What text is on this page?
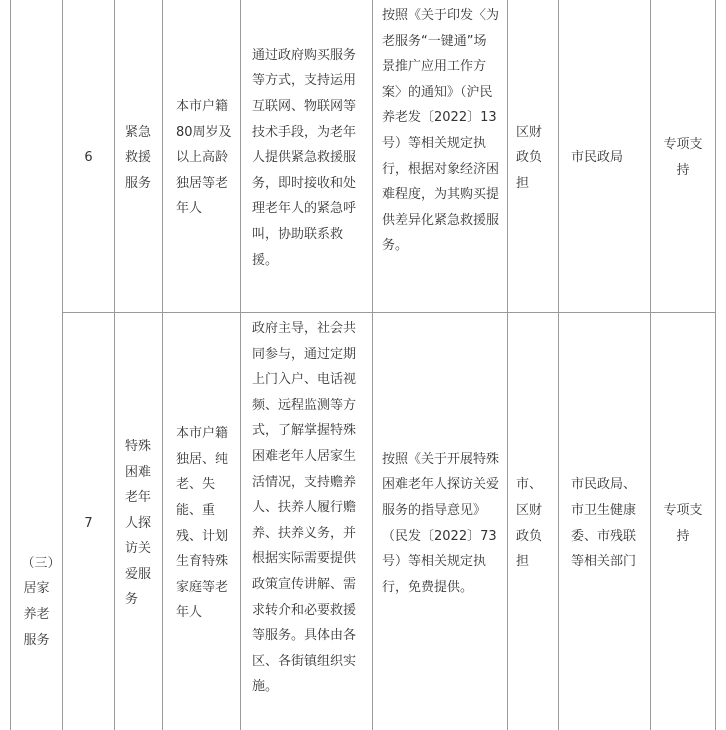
（三）居家养老服务
6
紧急救援服务
本市户籍80周岁及以上高龄独居等老年人
通过政府购买服务等方式，支持运用互联网、物联网等技术手段，为老年人提供紧急救援服务，即时接收和处理老年人的紧急呼叫，协助联系救援。
按照《关于印发〈为老服务“一键通”场景推广应用工作方案〉的通知》（沪民养老发〔2022〕13号）等相关规定执行，根据对象经济困难程度，为其购买提供差异化紧急救援服务。
区财政负担
市民政局
专项支持
7
特殊困难老年人探访关爱服务
本市户籍独居、纯老、失能、重残、计划生育特殊家庭等老年人
政府主导，社会共同参与，通过定期上门入户、电话视频、远程监测等方式，了解掌握特殊困难老年人居家生活情况，支持赡养人、扶养人履行赡养、扶养义务，并根据实际需要提供政策宣传讲解、需求转介和必要救援等服务。具体由各区、各街镇组织实施。
按照《关于开展特殊困难老年人探访关爱服务的指导意见》（民发〔2022〕73号）等相关规定执行，免费提供。
市、区财政负担
市民政局、市卫生健康委、市残联等相关部门
专项支持
